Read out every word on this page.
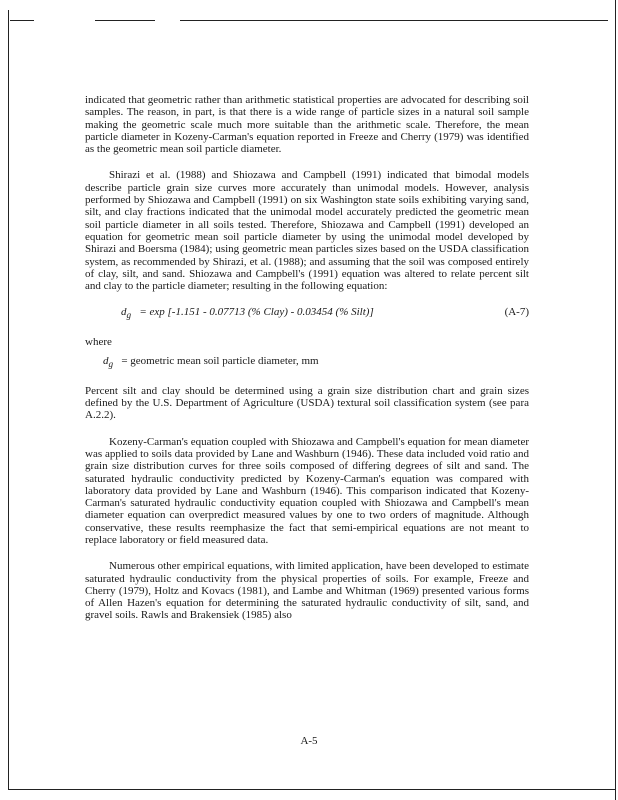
indicated that geometric rather than arithmetic statistical properties are advocated for describing soil samples. The reason, in part, is that there is a wide range of particle sizes in a natural soil sample making the geometric scale much more suitable than the arithmetic scale. Therefore, the mean particle diameter in Kozeny-Carman's equation reported in Freeze and Cherry (1979) was identified as the geometric mean soil particle diameter.

Shirazi et al. (1988) and Shiozawa and Campbell (1991) indicated that bimodal models describe particle grain size curves more accurately than unimodal models. However, analysis performed by Shiozawa and Campbell (1991) on six Washington state soils exhibiting varying sand, silt, and clay fractions indicated that the unimodal model accurately predicted the geometric mean soil particle diameter in all soils tested. Therefore, Shiozawa and Campbell (1991) developed an equation for geometric mean soil particle diameter by using the unimodal model developed by Shirazi and Boersma (1984); using geometric mean particles sizes based on the USDA classification system, as recommended by Shirazi, et al. (1988); and assuming that the soil was composed entirely of clay, silt, and sand. Shiozawa and Campbell's (1991) equation was altered to relate percent silt and clay to the particle diameter; resulting in the following equation:

$d_g = \exp [-1.151 - 0.07713$ (% Clay) - 0.03454 (% Silt)]	(A-7)

where

$d_g$ = geometric mean soil particle diameter, mm

Percent silt and clay should be determined using a grain size distribution chart and grain sizes defined by the U.S. Department of Agriculture (USDA) textural soil classification system (see para A.2.2).

Kozeny-Carman's equation coupled with Shiozawa and Campbell's equation for mean diameter was applied to soils data provided by Lane and Washburn (1946). These data included void ratio and grain size distribution curves for three soils composed of differing degrees of silt and sand. The saturated hydraulic conductivity predicted by Kozeny-Carman's equation was compared with laboratory data provided by Lane and Washburn (1946). This comparison indicated that Kozeny-Carman's saturated hydraulic conductivity equation coupled with Shiozawa and Campbell's mean diameter equation can overpredict measured values by one to two orders of magnitude. Although conservative, these results reemphasize the fact that semi-empirical equations are not meant to replace laboratory or field measured data.

Numerous other empirical equations, with limited application, have been developed to estimate saturated hydraulic conductivity from the physical properties of soils. For example, Freeze and Cherry (1979), Holtz and Kovacs (1981), and Lambe and Whitman (1969) presented various forms of Allen Hazen's equation for determining the saturated hydraulic conductivity of silt, sand, and gravel soils. Rawls and Brakensiek (1985) also

A-5
